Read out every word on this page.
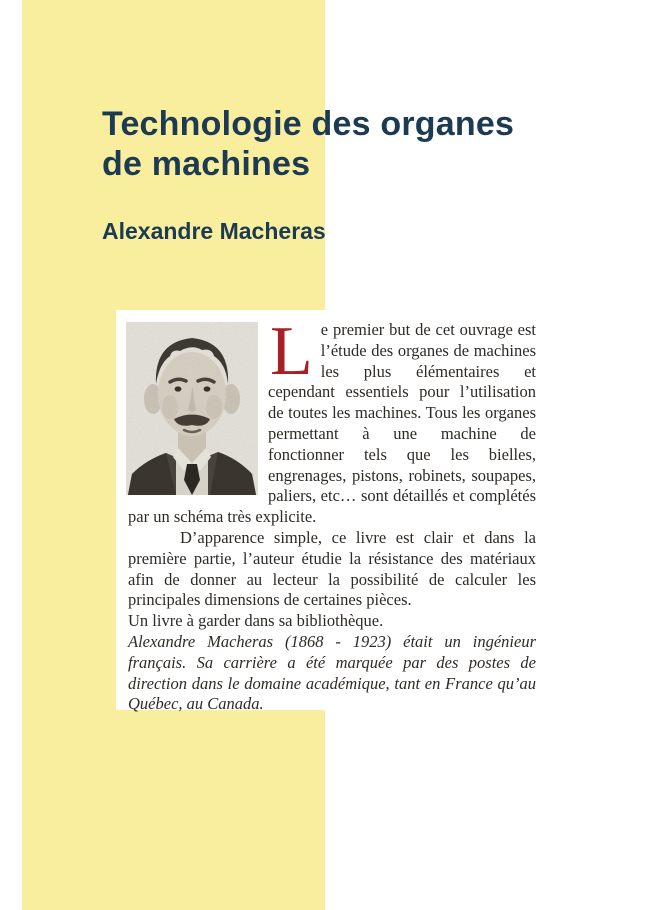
Technologie des organes
de machines
Alexandre Macheras

Le premier but de cet ouvrage est l’étude des organes de machines les plus élémentaires et cependant essentiels pour l’utilisation de toutes les machines. Tous les organes permettant à une machine de fonctionner tels que les bielles, engrenages, pistons, robinets, soupapes, paliers, etc… sont détaillés et complétés par un schéma très explicite.

D’apparence simple, ce livre est clair et dans la première partie, l’auteur étudie la résistance des matériaux afin de donner au lecteur la possibilité de calculer les principales dimensions de certaines pièces.

Un livre à garder dans sa bibliothèque.

Alexandre Macheras (1868 - 1923) était un ingénieur français. Sa carrière a été marquée par des postes de direction dans le domaine académique, tant en France qu’au Québec, au Canada.
